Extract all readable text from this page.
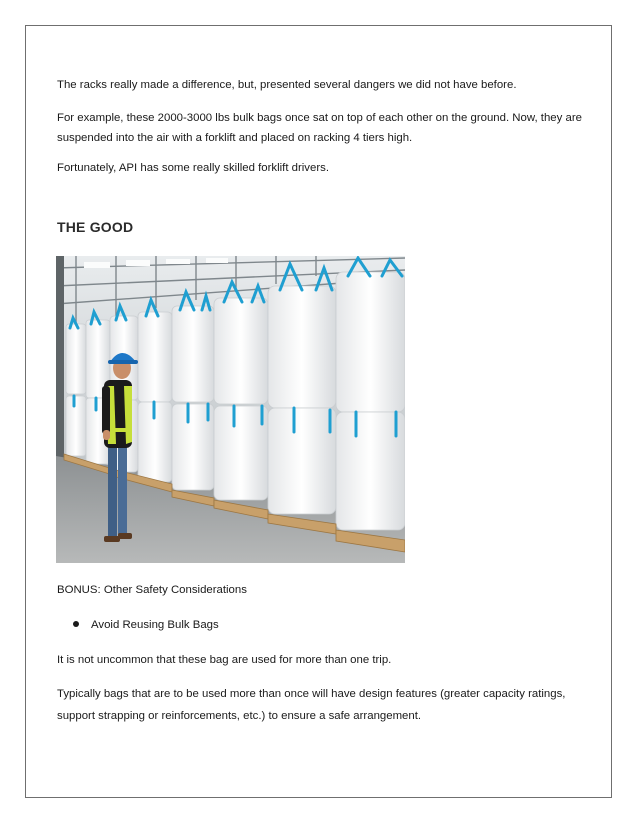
The racks really made a difference, but, presented several dangers we did not have before.

For example, these 2000-3000 lbs bulk bags once sat on top of each other on the ground. Now, they are suspended into the air with a forklift and placed on racking 4 tiers high.

Fortunately, API has some really skilled forklift drivers.

THE GOOD

BONUS: Other Safety Considerations

Avoid Reusing Bulk Bags

It is not uncommon that these bag are used for more than one trip.

Typically bags that are to be used more than once will have design features (greater capacity ratings, support strapping or reinforcements, etc.) to ensure a safe arrangement.
